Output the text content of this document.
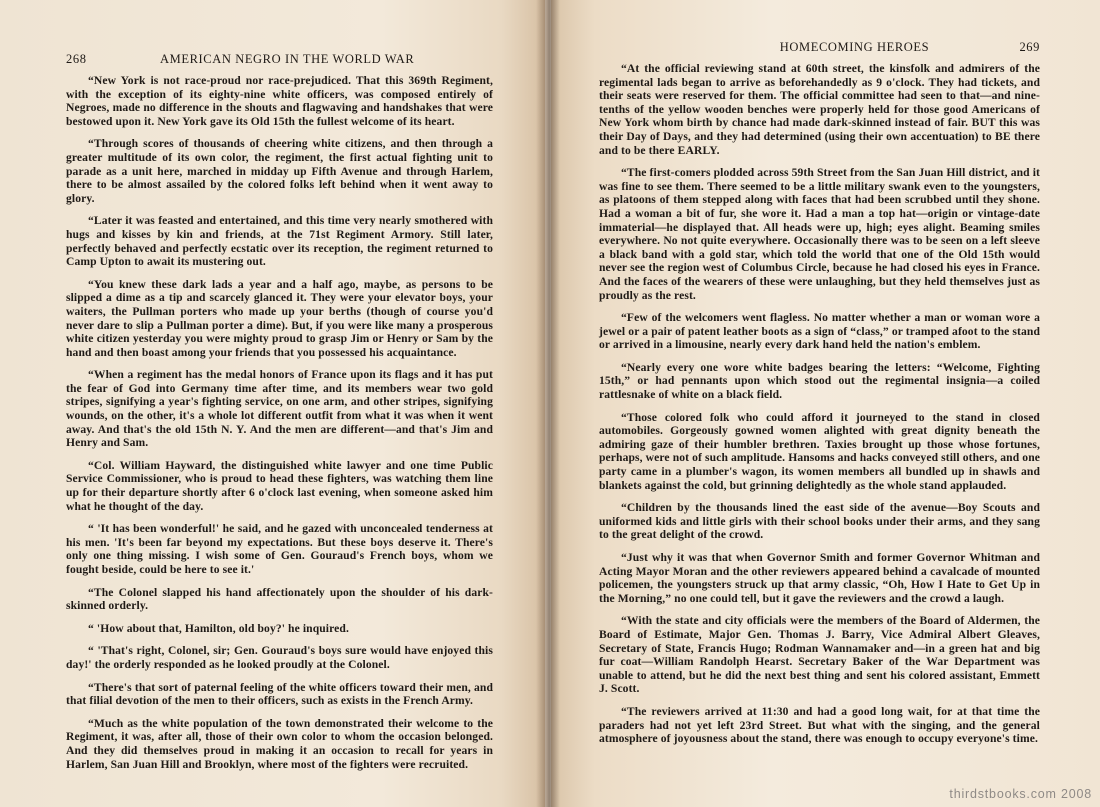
268	AMERICAN NEGRO IN THE WORLD WAR

“New York is not race-proud nor race-prejudiced. That this 369th Regiment, with the exception of its eighty-nine white officers, was composed entirely of Negroes, made no difference in the shouts and flagwaving and handshakes that were bestowed upon it. New York gave its Old 15th the fullest welcome of its heart.

“Through scores of thousands of cheering white citizens, and then through a greater multitude of its own color, the regiment, the first actual fighting unit to parade as a unit here, marched in midday up Fifth Avenue and through Harlem, there to be almost assailed by the colored folks left behind when it went away to glory.

“Later it was feasted and entertained, and this time very nearly smothered with hugs and kisses by kin and friends, at the 71st Regiment Armory. Still later, perfectly behaved and perfectly ecstatic over its reception, the regiment returned to Camp Upton to await its mustering out.

“You knew these dark lads a year and a half ago, maybe, as persons to be slipped a dime as a tip and scarcely glanced it. They were your elevator boys, your waiters, the Pullman porters who made up your berths (though of course you'd never dare to slip a Pullman porter a dime). But, if you were like many a prosperous white citizen yesterday you were mighty proud to grasp Jim or Henry or Sam by the hand and then boast among your friends that you possessed his acquaintance.

“When a regiment has the medal honors of France upon its flags and it has put the fear of God into Germany time after time, and its members wear two gold stripes, signifying a year's fighting service, on one arm, and other stripes, signifying wounds, on the other, it's a whole lot different outfit from what it was when it went away. And that's the old 15th N. Y. And the men are different—and that's Jim and Henry and Sam.

“Col. William Hayward, the distinguished white lawyer and one time Public Service Commissioner, who is proud to head these fighters, was watching them line up for their departure shortly after 6 o'clock last evening, when someone asked him what he thought of the day.

“ 'It has been wonderful!' he said, and he gazed with unconcealed tenderness at his men. 'It's been far beyond my expectations. But these boys deserve it. There's only one thing missing. I wish some of Gen. Gouraud's French boys, whom we fought beside, could be here to see it.'

“The Colonel slapped his hand affectionately upon the shoulder of his dark-skinned orderly.

“ 'How about that, Hamilton, old boy?' he inquired.

“ 'That's right, Colonel, sir; Gen. Gouraud's boys sure would have enjoyed this day!' the orderly responded as he looked proudly at the Colonel.

“There's that sort of paternal feeling of the white officers toward their men, and that filial devotion of the men to their officers, such as exists in the French Army.

“Much as the white population of the town demonstrated their welcome to the Regiment, it was, after all, those of their own color to whom the occasion belonged. And they did themselves proud in making it an occasion to recall for years in Harlem, San Juan Hill and Brooklyn, where most of the fighters were recruited.

HOMECOMING HEROES	269

“At the official reviewing stand at 60th street, the kinsfolk and admirers of the regimental lads began to arrive as beforehandedly as 9 o'clock. They had tickets, and their seats were reserved for them. The official committee had seen to that—and nine-tenths of the yellow wooden benches were properly held for those good Americans of New York whom birth by chance had made dark-skinned instead of fair. BUT this was their Day of Days, and they had determined (using their own accentuation) to BE there and to be there EARLY.

“The first-comers plodded across 59th Street from the San Juan Hill district, and it was fine to see them. There seemed to be a little military swank even to the youngsters, as platoons of them stepped along with faces that had been scrubbed until they shone. Had a woman a bit of fur, she wore it. Had a man a top hat—origin or vintage-date immaterial—he displayed that. All heads were up, high; eyes alight. Beaming smiles everywhere. No not quite everywhere. Occasionally there was to be seen on a left sleeve a black band with a gold star, which told the world that one of the Old 15th would never see the region west of Columbus Circle, because he had closed his eyes in France. And the faces of the wearers of these were unlaughing, but they held themselves just as proudly as the rest.

“Few of the welcomers went flagless. No matter whether a man or woman wore a jewel or a pair of patent leather boots as a sign of “class,” or tramped afoot to the stand or arrived in a limousine, nearly every dark hand held the nation's emblem.

“Nearly every one wore white badges bearing the letters: “Welcome, Fighting 15th,” or had pennants upon which stood out the regimental insignia—a coiled rattlesnake of white on a black field.

“Those colored folk who could afford it journeyed to the stand in closed automobiles. Gorgeously gowned women alighted with great dignity beneath the admiring gaze of their humbler brethren. Taxies brought up those whose fortunes, perhaps, were not of such amplitude. Hansoms and hacks conveyed still others, and one party came in a plumber's wagon, its women members all bundled up in shawls and blankets against the cold, but grinning delightedly as the whole stand applauded.

“Children by the thousands lined the east side of the avenue—Boy Scouts and uniformed kids and little girls with their school books under their arms, and they sang to the great delight of the crowd.

“Just why it was that when Governor Smith and former Governor Whitman and Acting Mayor Moran and the other reviewers appeared behind a cavalcade of mounted policemen, the youngsters struck up that army classic, “Oh, How I Hate to Get Up in the Morning,” no one could tell, but it gave the reviewers and the crowd a laugh.

“With the state and city officials were the members of the Board of Aldermen, the Board of Estimate, Major Gen. Thomas J. Barry, Vice Admiral Albert Gleaves, Secretary of State, Francis Hugo; Rodman Wannamaker and—in a green hat and big fur coat—William Randolph Hearst. Secretary Baker of the War Department was unable to attend, but he did the next best thing and sent his colored assistant, Emmett J. Scott.

“The reviewers arrived at 11:30 and had a good long wait, for at that time the paraders had not yet left 23rd Street. But what with the singing, and the general atmosphere of joyousness about the stand, there was enough to occupy everyone's time.

thirdstbooks.com 2008
